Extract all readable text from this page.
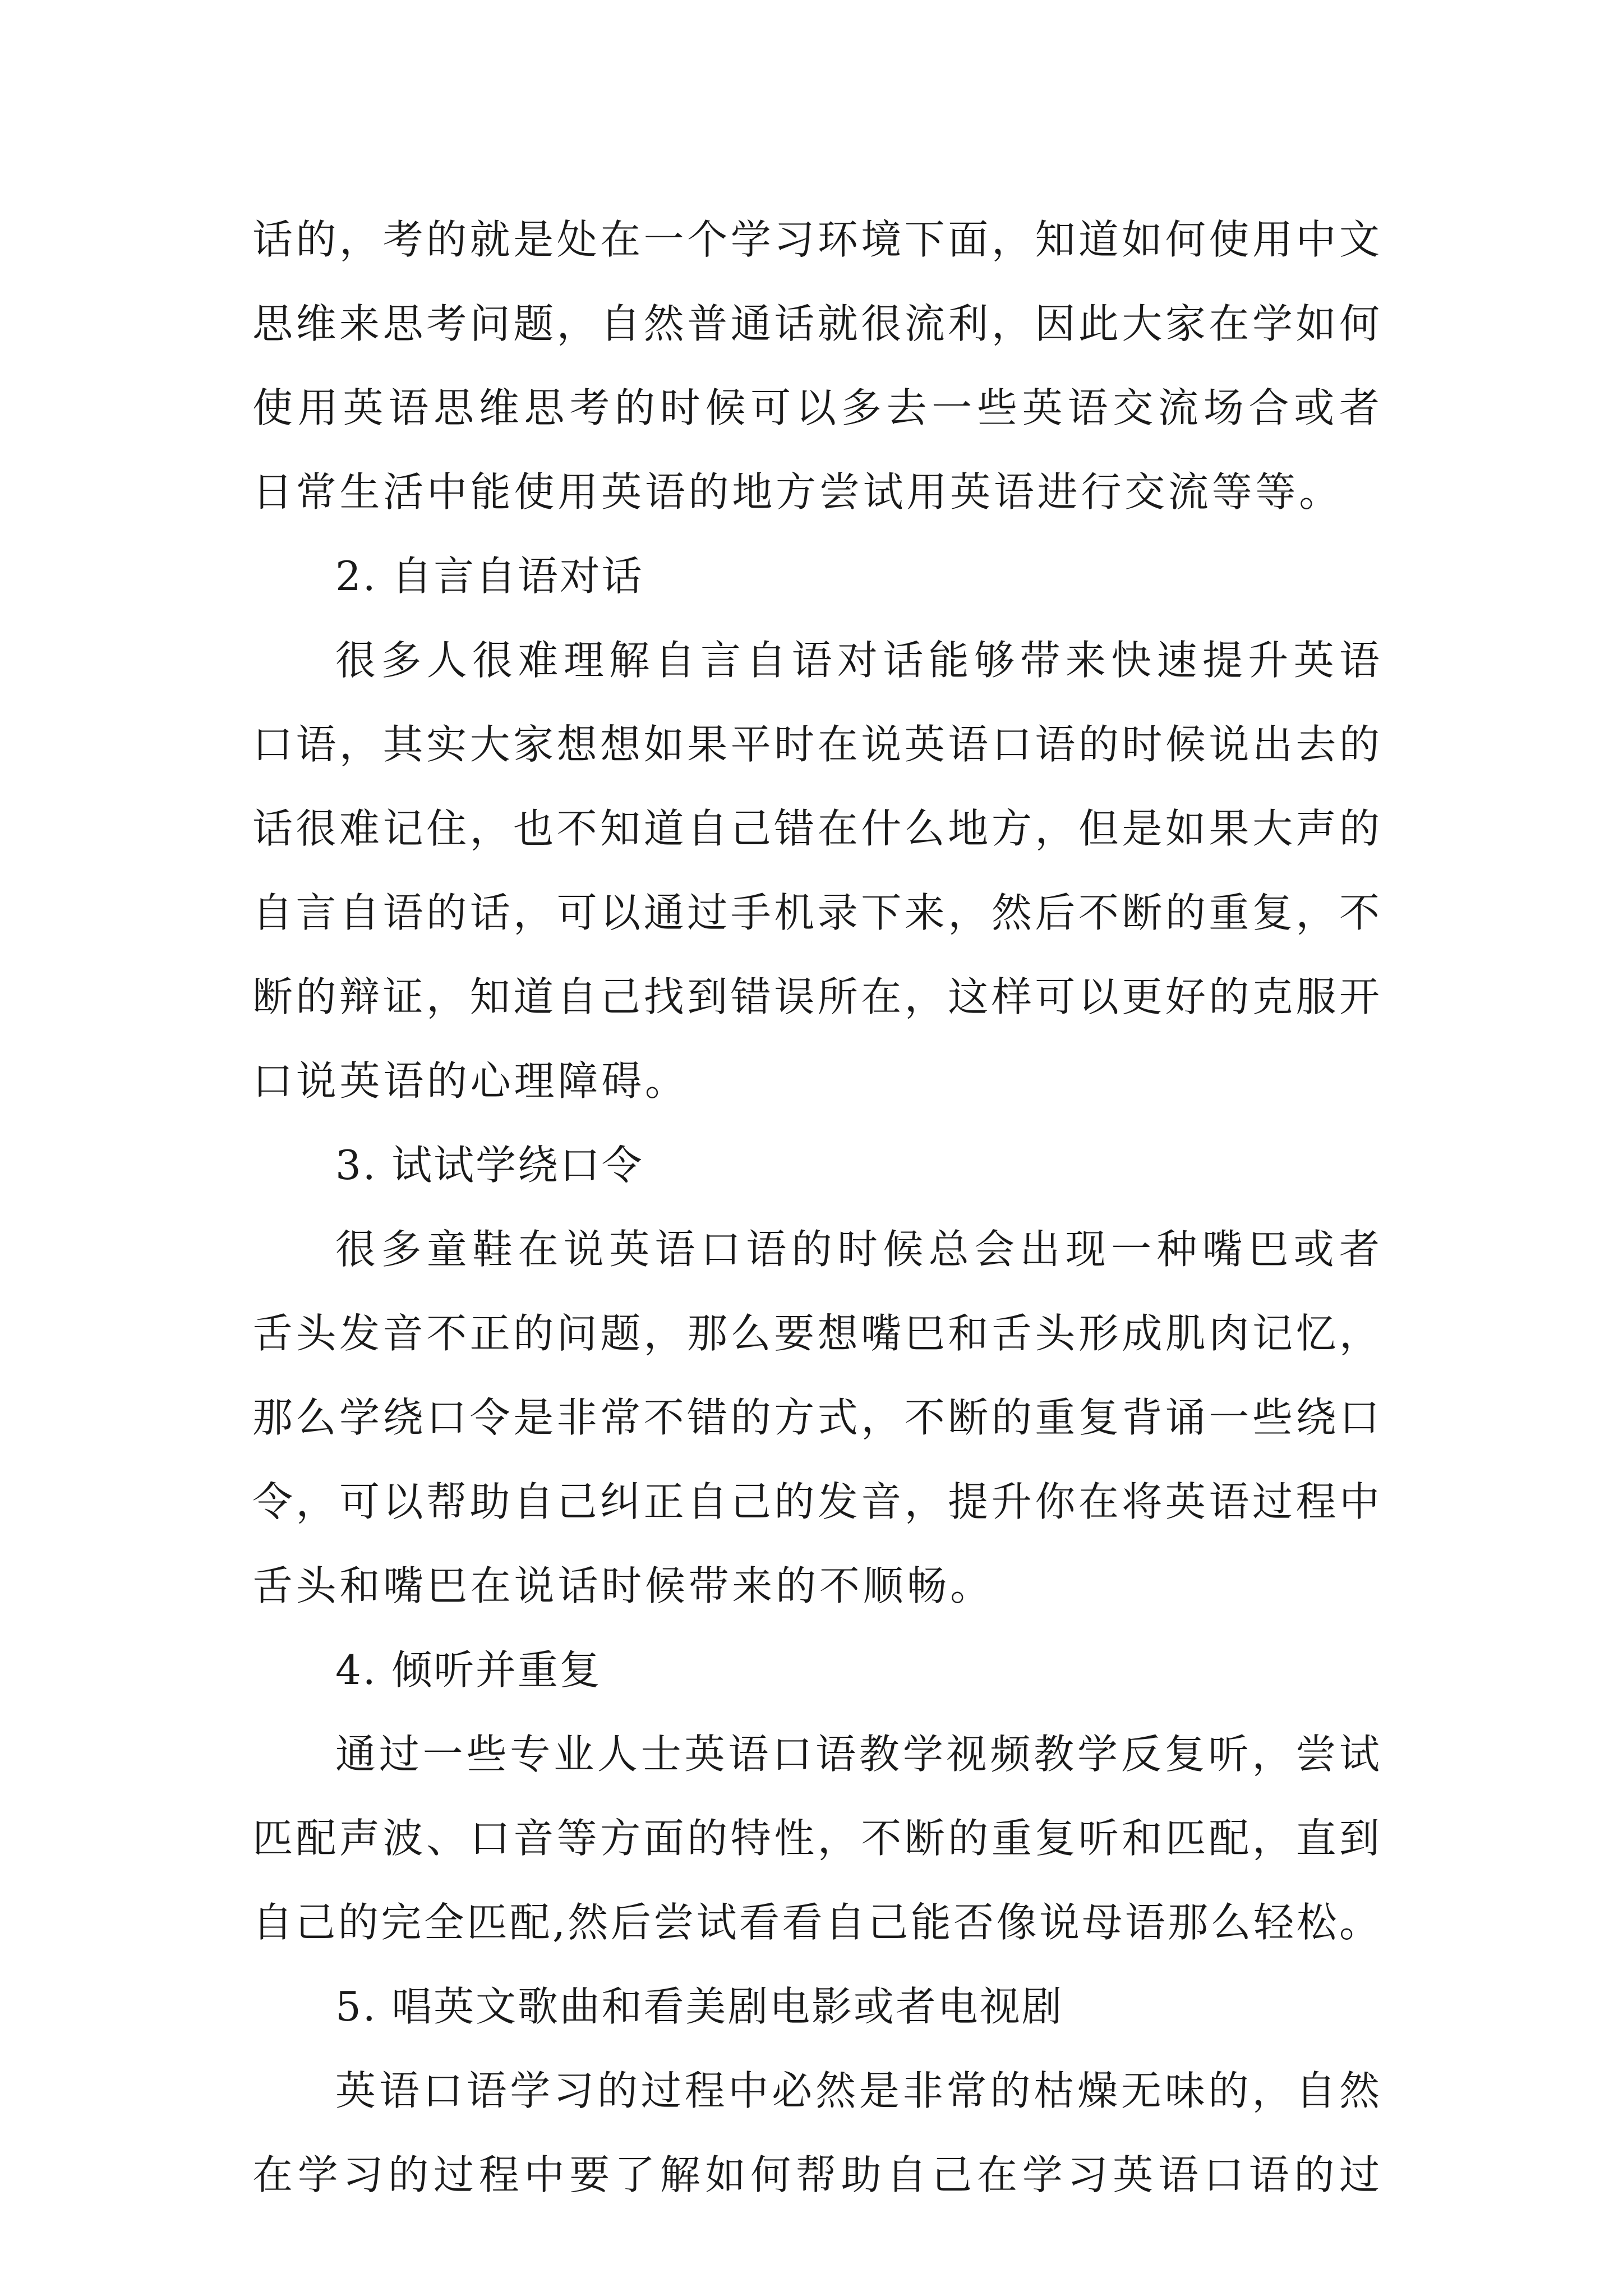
话的，考的就是处在一个学习环境下面，知道如何使用中文
思维来思考问题，自然普通话就很流利，因此大家在学如何
使用英语思维思考的时候可以多去一些英语交流场合或者
日常生活中能使用英语的地方尝试用英语进行交流等等。
2. 自言自语对话
很多人很难理解自言自语对话能够带来快速提升英语
口语，其实大家想想如果平时在说英语口语的时候说出去的
话很难记住，也不知道自己错在什么地方，但是如果大声的
自言自语的话，可以通过手机录下来，然后不断的重复，不
断的辩证，知道自己找到错误所在，这样可以更好的克服开
口说英语的心理障碍。
3. 试试学绕口令
很多童鞋在说英语口语的时候总会出现一种嘴巴或者
舌头发音不正的问题，那么要想嘴巴和舌头形成肌肉记忆，
那么学绕口令是非常不错的方式，不断的重复背诵一些绕口
令，可以帮助自己纠正自己的发音，提升你在将英语过程中
舌头和嘴巴在说话时候带来的不顺畅。
4. 倾听并重复
通过一些专业人士英语口语教学视频教学反复听，尝试
匹配声波、口音等方面的特性，不断的重复听和匹配，直到
自己的完全匹配,然后尝试看看自己能否像说母语那么轻松。
5. 唱英文歌曲和看美剧电影或者电视剧
英语口语学习的过程中必然是非常的枯燥无味的，自然
在学习的过程中要了解如何帮助自己在学习英语口语的过
